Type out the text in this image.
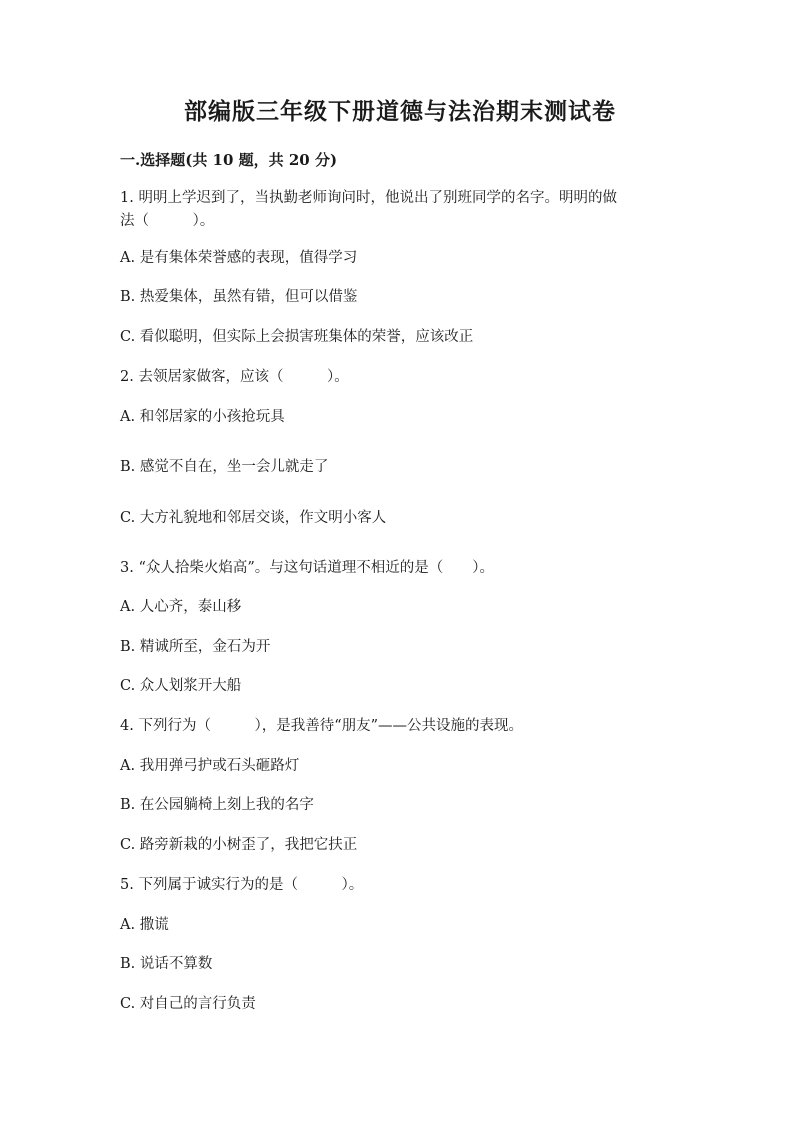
部编版三年级下册道德与法治期末测试卷
一.选择题(共 10 题，共 20 分)

1. 明明上学迟到了，当执勤老师询问时，他说出了别班同学的名字。明明的做

法（　　　）。

A. 是有集体荣誉感的表现，值得学习

B. 热爱集体，虽然有错，但可以借鉴

C. 看似聪明，但实际上会损害班集体的荣誉，应该改正

2. 去领居家做客，应该（　　　）。

A. 和邻居家的小孩抢玩具

B. 感觉不自在，坐一会儿就走了

C. 大方礼貌地和邻居交谈，作文明小客人

3. “众人拾柴火焰高”。与这句话道理不相近的是（　　）。

A. 人心齐，泰山移

B. 精诚所至，金石为开

C. 众人划浆开大船

4. 下列行为（　　　），是我善待“朋友”——公共设施的表现。

A. 我用弹弓护或石头砸路灯

B. 在公园躺椅上刻上我的名字

C. 路旁新栽的小树歪了，我把它扶正

5. 下列属于诚实行为的是（　　　）。

A. 撒谎

B. 说话不算数

C. 对自己的言行负责
